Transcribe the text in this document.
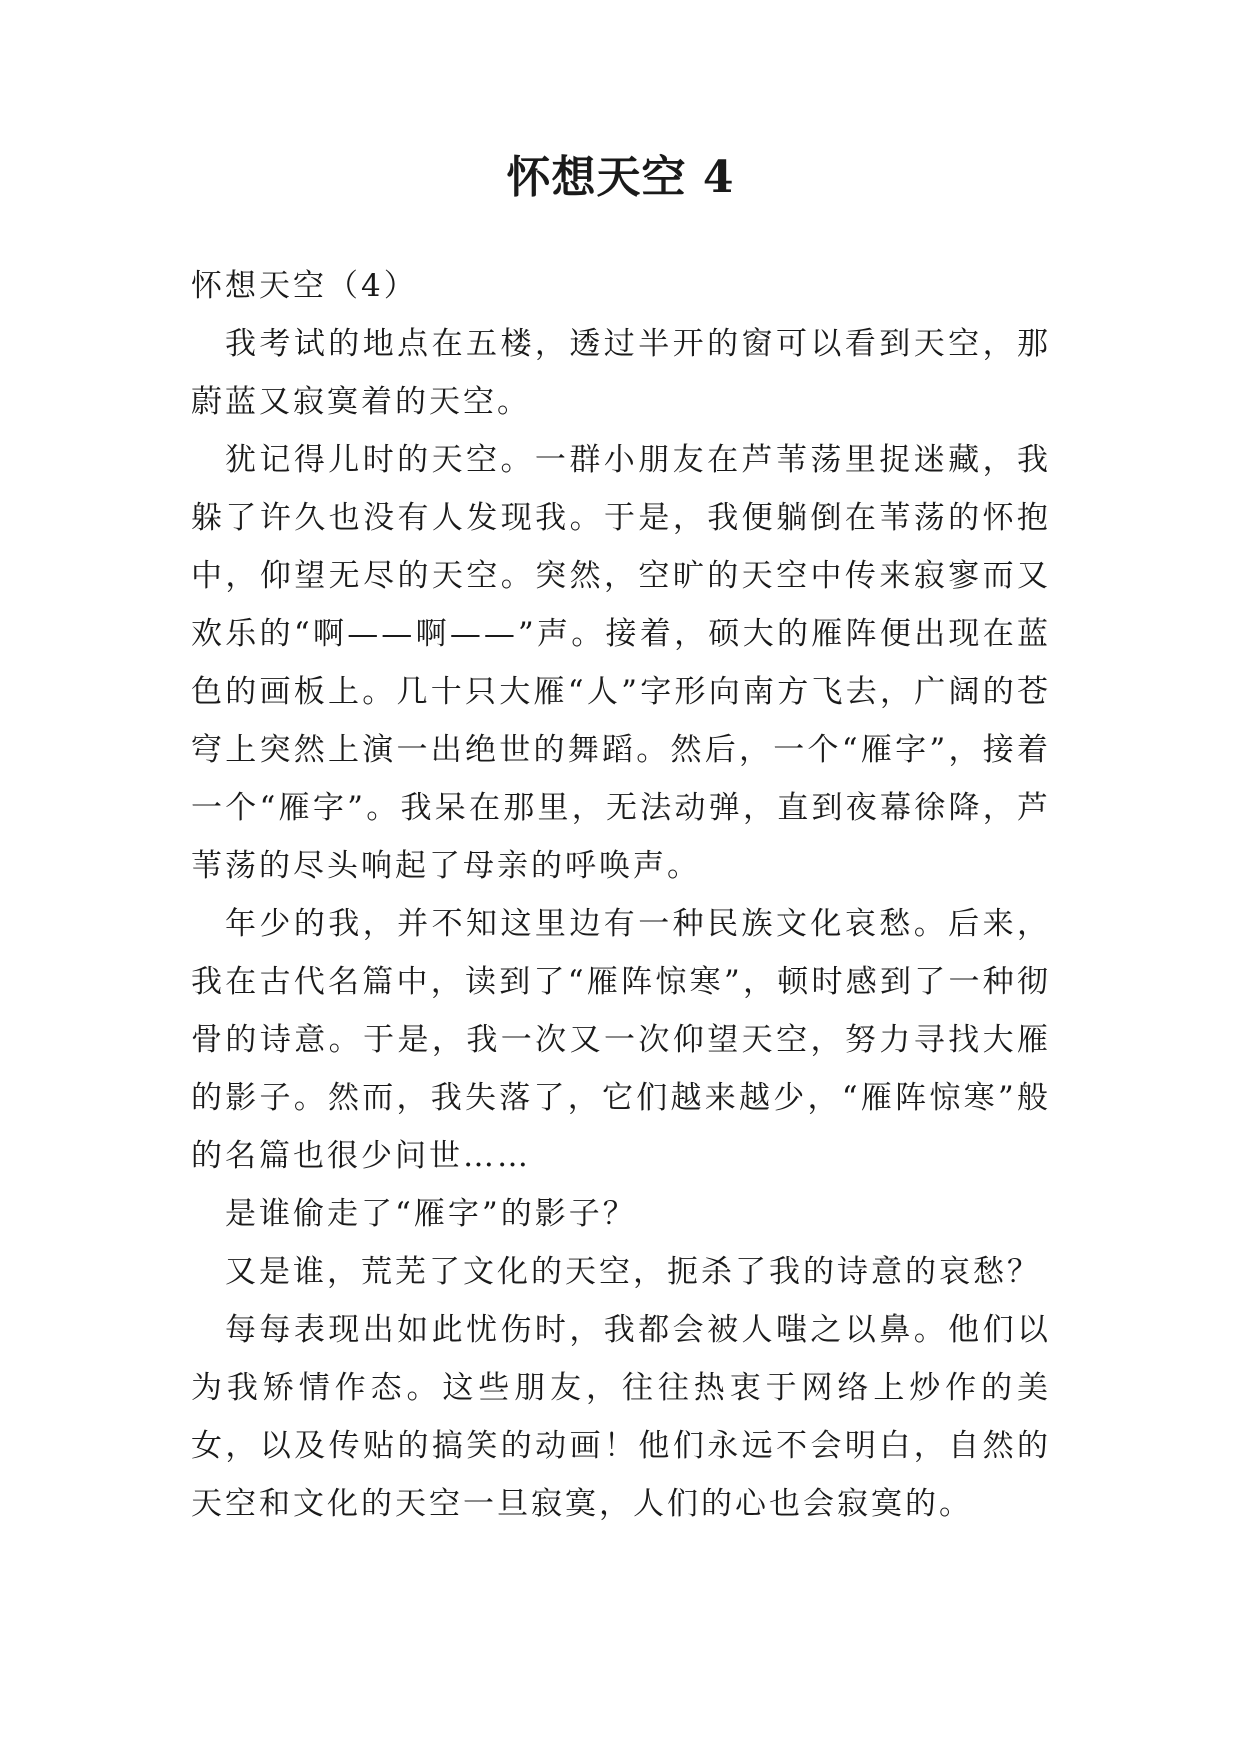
怀想天空 4

怀想天空（4）

我考试的地点在五楼，透过半开的窗可以看到天空，那蔚蓝又寂寞着的天空。

犹记得儿时的天空。一群小朋友在芦苇荡里捉迷藏，我躲了许久也没有人发现我。于是，我便躺倒在苇荡的怀抱中，仰望无尽的天空。突然，空旷的天空中传来寂寥而又欢乐的“啊——啊——”声。接着，硕大的雁阵便出现在蓝色的画板上。几十只大雁“人”字形向南方飞去，广阔的苍穹上突然上演一出绝世的舞蹈。然后，一个“雁字”，接着一个“雁字”。我呆在那里，无法动弹，直到夜幕徐降，芦苇荡的尽头响起了母亲的呼唤声。

年少的我，并不知这里边有一种民族文化哀愁。后来，我在古代名篇中，读到了“雁阵惊寒”，顿时感到了一种彻骨的诗意。于是，我一次又一次仰望天空，努力寻找大雁的影子。然而，我失落了，它们越来越少，“雁阵惊寒”般的名篇也很少问世……

是谁偷走了“雁字”的影子？

又是谁，荒芜了文化的天空，扼杀了我的诗意的哀愁？

每每表现出如此忧伤时，我都会被人嗤之以鼻。他们以为我矫情作态。这些朋友，往往热衷于网络上炒作的美女，以及传贴的搞笑的动画！他们永远不会明白，自然的天空和文化的天空一旦寂寞，人们的心也会寂寞的。
